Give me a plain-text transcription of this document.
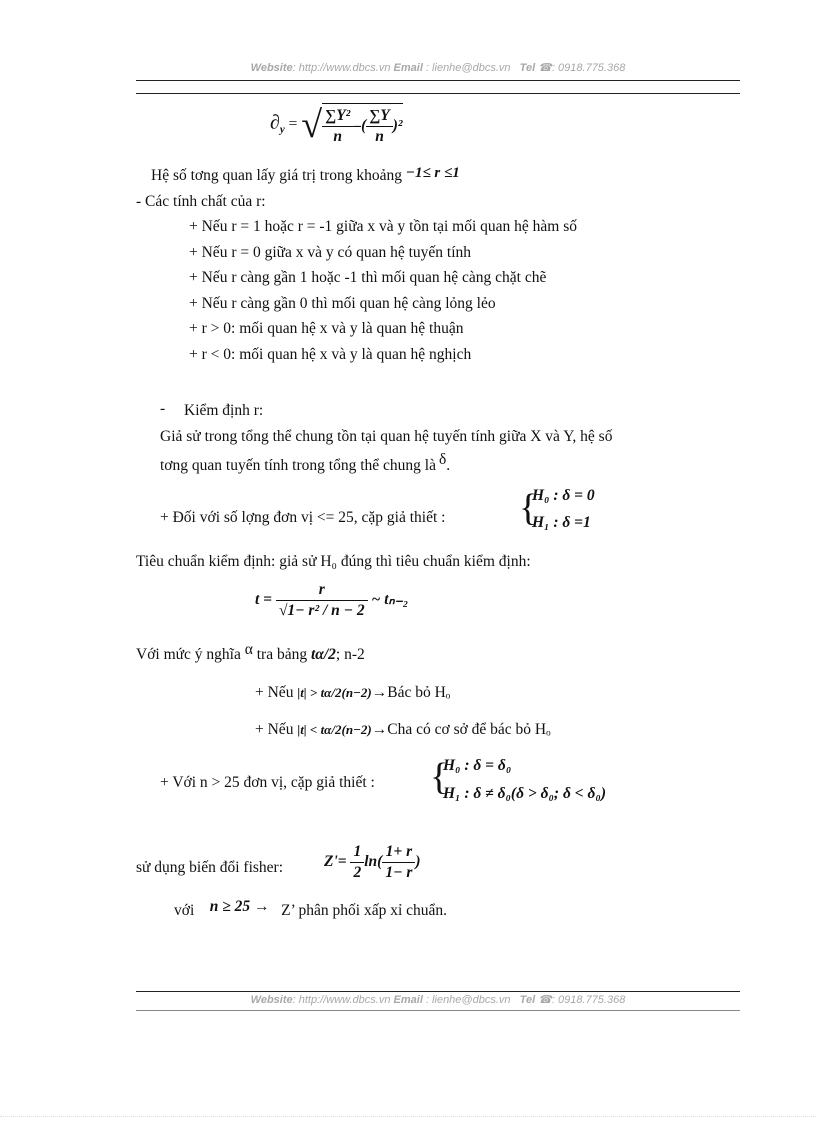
Website: http://www.dbcs.vn Email : lienhe@dbcs.vn Tel ☎: 0918.775.368
$\partial_y$ = √ $\frac{\text{∑Y²}}{n}$ –( $\frac{\sum Y}{n} )^2$
Hệ số tơng quan lấy giá trị trong khoảng −1≤ r ≤1
- Các tính chất của r:
+ Nếu r = 1 hoặc r = -1 giữa x và y tồn tại mối quan hệ hàm số
+ Nếu r = 0 giữa x và y có quan hệ tuyến tính
+ Nếu r càng gần 1 hoặc -1 thì mối quan hệ càng chặt chẽ
+ Nếu r càng gần 0 thì mối quan hệ càng lỏng lẻo
+ r > 0: mối quan hệ x và y là quan hệ thuận
+ r < 0: mối quan hệ x và y là quan hệ nghịch
- Kiểm định r:
Giả sử trong tổng thể chung tồn tại quan hệ tuyến tính giữa X và Y, hệ số
tơng quan tuyến tính trong tổng thể chung là δ.
+ Đối với số lợng đơn vị <= 25, cặp giả thiết : {
H₀ : δ = 0
H₁ : δ =1
Tiêu chuẩn kiểm định: giả sử H₀ đúng thì tiêu chuẩn kiểm định:
$t = \frac{r}{\text{√1− r² / n − 2}}$ ~ tₙ₋₂
Với mức ý nghĩa α tra bảng tα/2; n-2
+ Nếu |t| > tα/2(n−2)→Bác bỏ Hₒ
+ Nếu |t| < tα/2(n−2)→Cha có cơ sở để bác bỏ Hₒ
+ Với n > 25 đơn vị, cặp giả thiết : {
H₀ : δ = δ₀
H₁ : δ ≠ δ₀(δ > δ₀; δ < δ₀)
sử dụng biến đổi fisher:	$Z'= \frac{1}{2} \ln( \frac{1+ r}{1- r}$ )
với n ≥ 25 → Z’ phân phối xấp xỉ chuẩn.
Website: http://www.dbcs.vn Email : lienhe@dbcs.vn Tel ☎: 0918.775.368
